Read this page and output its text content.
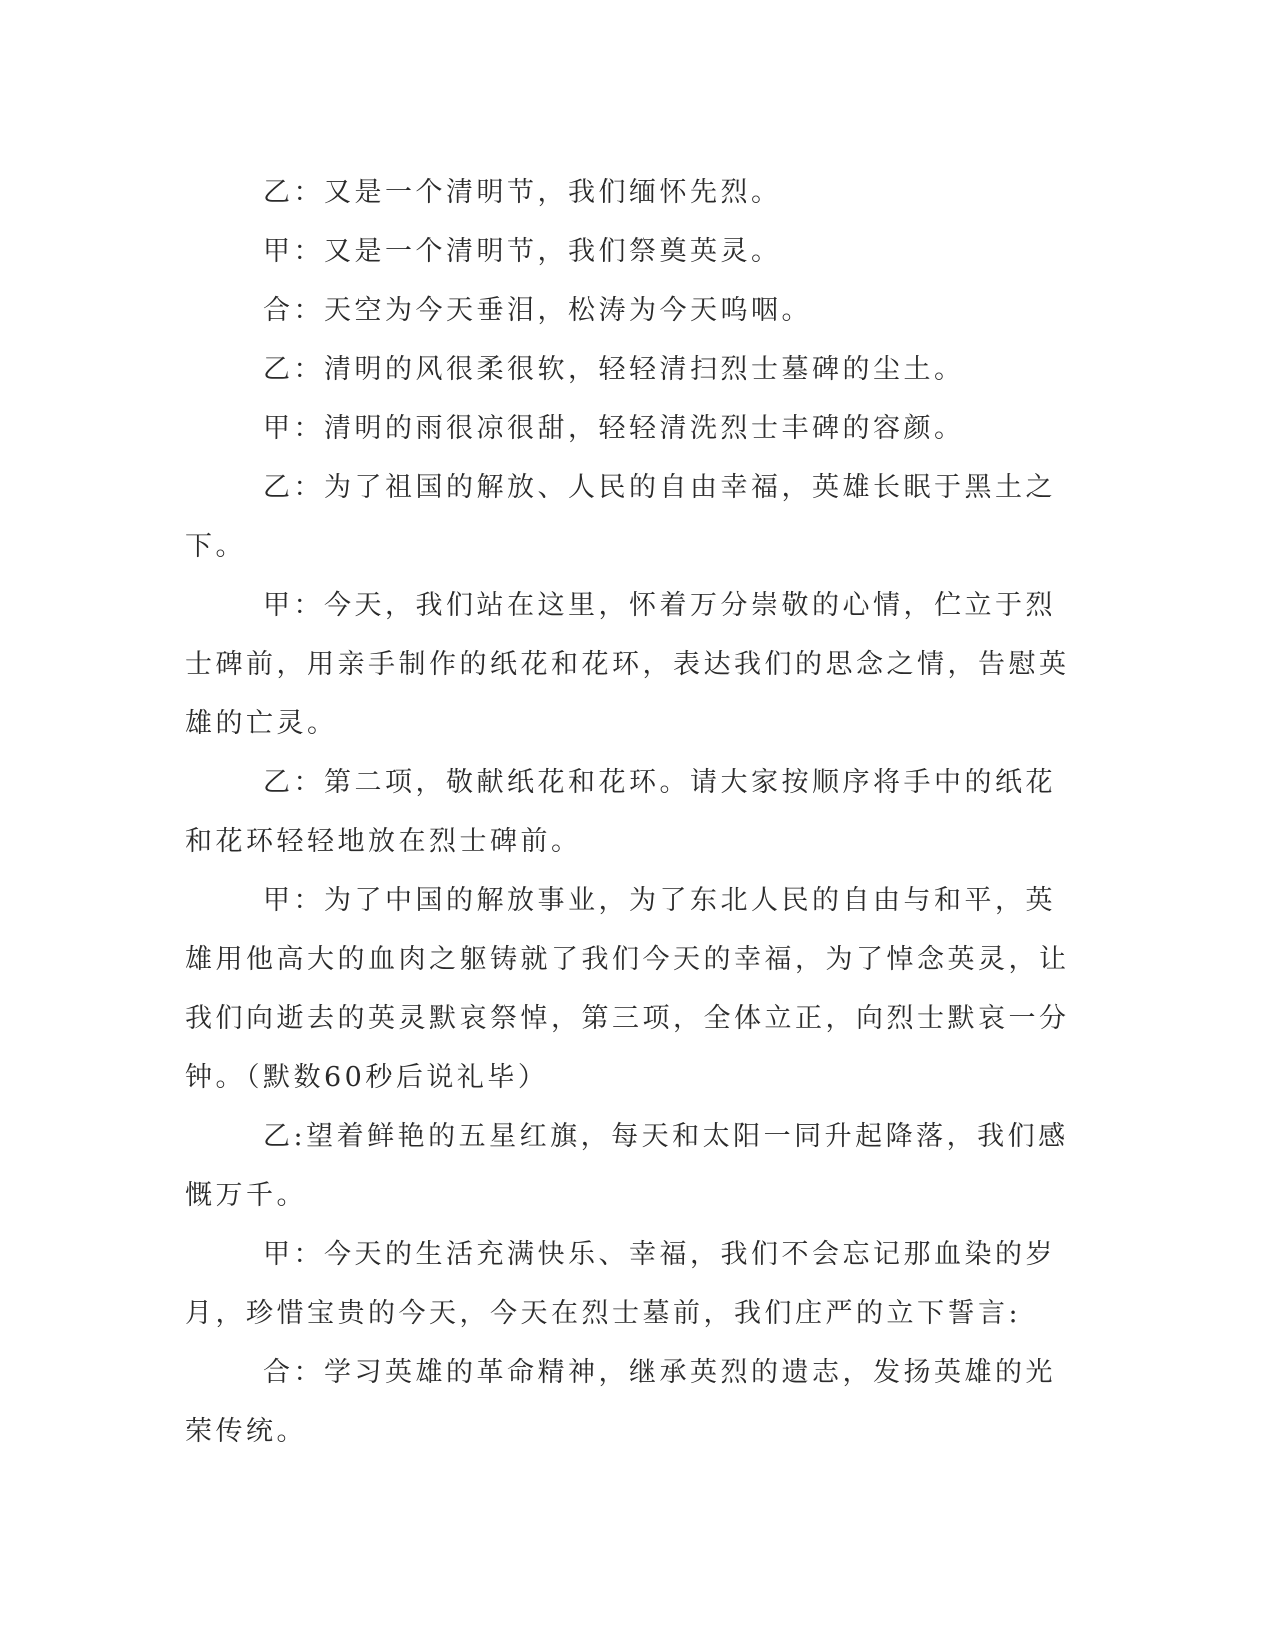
乙：又是一个清明节，我们缅怀先烈。

甲：又是一个清明节，我们祭奠英灵。

合：天空为今天垂泪，松涛为今天呜咽。

乙：清明的风很柔很软，轻轻清扫烈士墓碑的尘土。

甲：清明的雨很凉很甜，轻轻清洗烈士丰碑的容颜。

乙：为了祖国的解放、人民的自由幸福，英雄长眠于黑土之下。

甲：今天，我们站在这里，怀着万分崇敬的心情，伫立于烈士碑前，用亲手制作的纸花和花环，表达我们的思念之情，告慰英雄的亡灵。

乙：第二项，敬献纸花和花环。请大家按顺序将手中的纸花和花环轻轻地放在烈士碑前。

甲：为了中国的解放事业，为了东北人民的自由与和平，英雄用他高大的血肉之躯铸就了我们今天的幸福，为了悼念英灵，让我们向逝去的英灵默哀祭悼，第三项，全体立正，向烈士默哀一分钟。（默数60秒后说礼毕）

乙:望着鲜艳的五星红旗，每天和太阳一同升起降落，我们感慨万千。

甲：今天的生活充满快乐、幸福，我们不会忘记那血染的岁月，珍惜宝贵的今天，今天在烈士墓前，我们庄严的立下誓言:

合：学习英雄的革命精神，继承英烈的遗志，发扬英雄的光荣传统。
